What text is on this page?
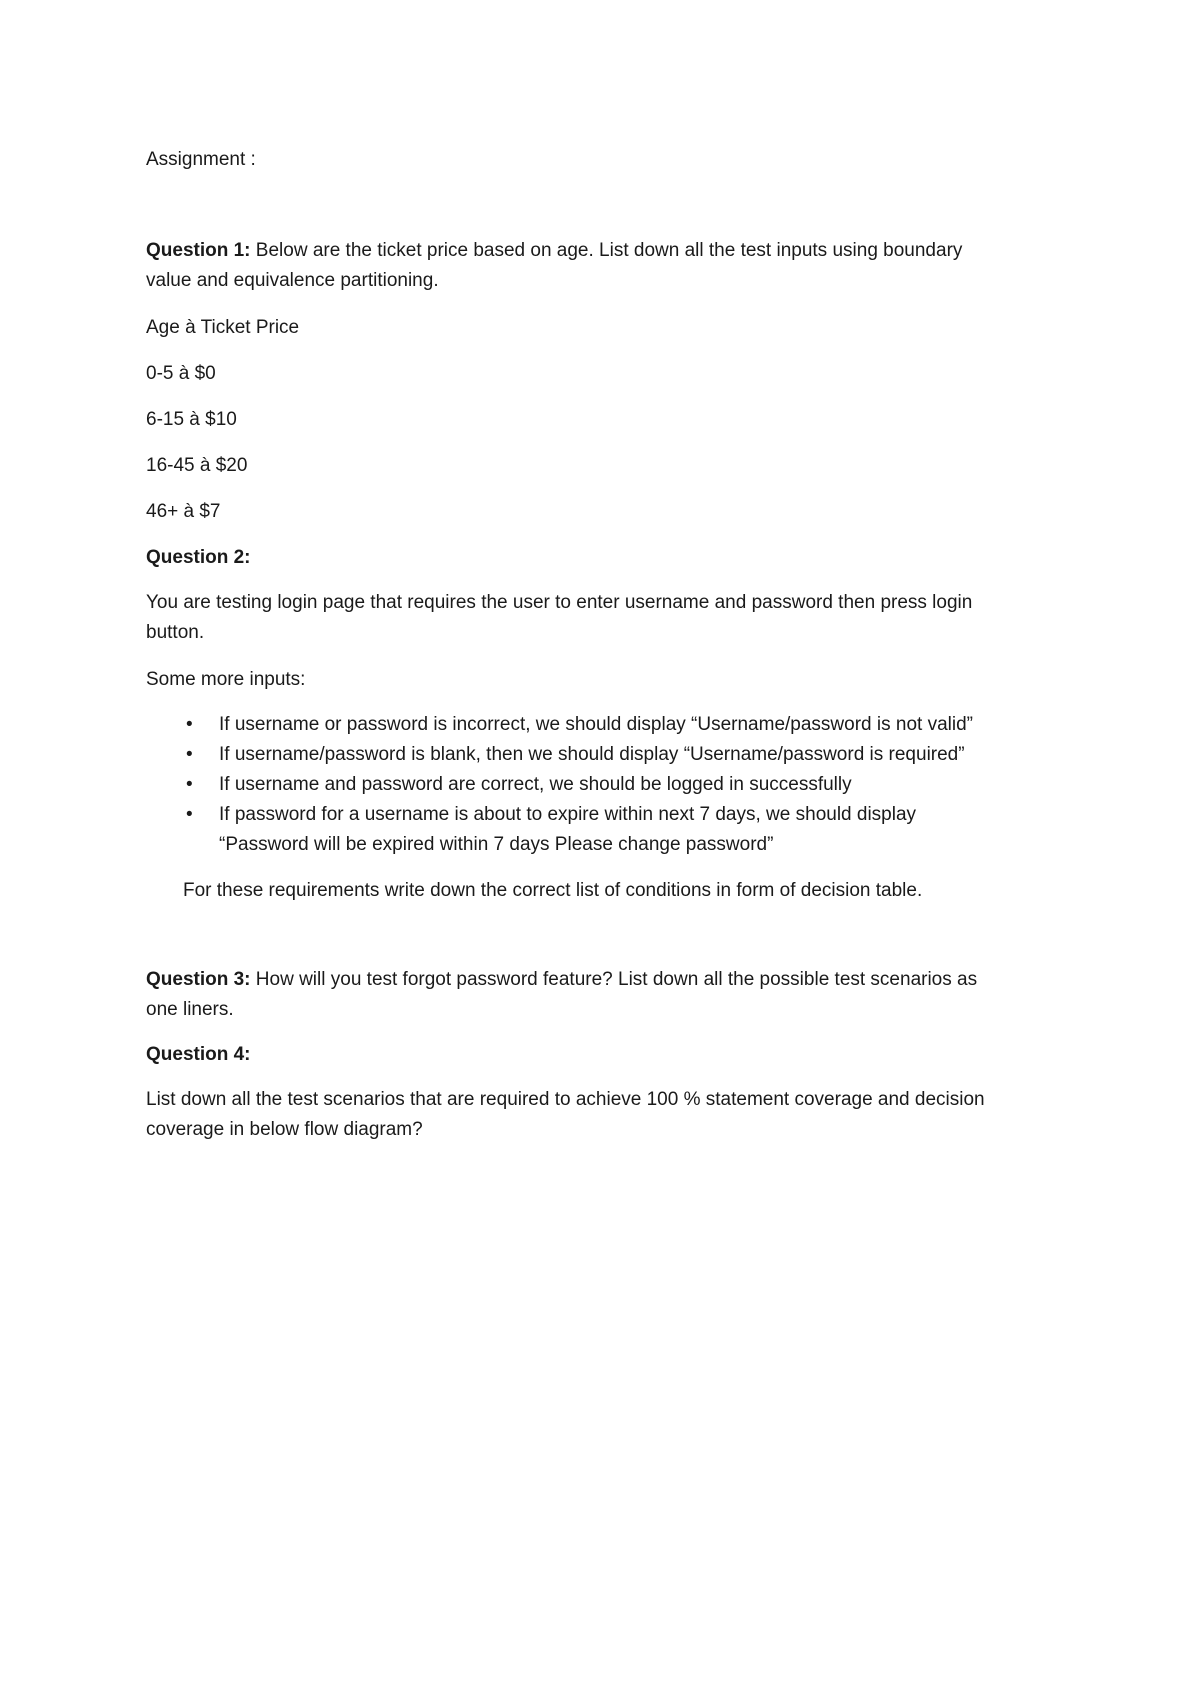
Assignment :

Question 1: Below are the ticket price based on age. List down all the test inputs using boundary

value and equivalence partitioning.

Age à Ticket Price

0-5 à $0

6-15 à $10

16-45 à $20

46+ à $7

Question 2:

You are testing login page that requires the user to enter username and password then press login

button.

Some more inputs:

• If username or password is incorrect, we should display “Username/password is not valid”

• If username/password is blank, then we should display “Username/password is required”

• If username and password are correct, we should be logged in successfully

• If password for a username is about to expire within next 7 days, we should display

“Password will be expired within 7 days Please change password”

For these requirements write down the correct list of conditions in form of decision table.

Question 3: How will you test forgot password feature? List down all the possible test scenarios as

one liners.

Question 4:

List down all the test scenarios that are required to achieve 100 % statement coverage and decision

coverage in below flow diagram?
